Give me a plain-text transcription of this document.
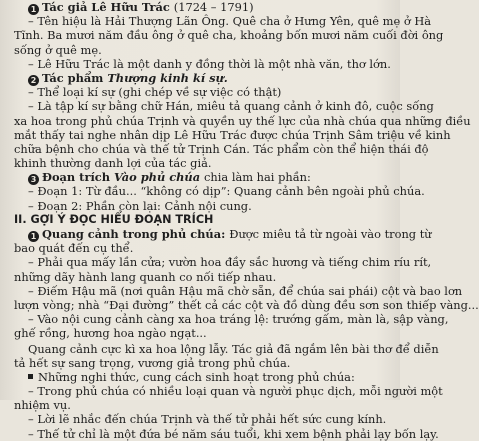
1 Tác giả Lê Hữu Trác (1724 – 1791)
– Tên hiệu là Hải Thượng Lãn Ông. Quê cha ở Hưng Yên, quê mẹ ở Hà
Tĩnh. Ba mươi năm đầu ông ở quê cha, khoảng bốn mươi năm cuối đời ông
sống ở quê mẹ.
– Lê Hữu Trác là một danh y đồng thời là một nhà văn, thơ lớn.
2 Tác phẩm Thượng kinh kí sự.
– Thể loại kí sự (ghi chép về sự việc có thật)
– Là tập kí sự bằng chữ Hán, miêu tả quang cảnh ở kinh đô, cuộc sống
xa hoa trong phủ chúa Trịnh và quyền uy thế lực của nhà chúa qua những điều
mắt thấy tai nghe nhân dịp Lê Hữu Trác được chúa Trịnh Sâm triệu về kinh
chữa bệnh cho chúa và thế tử Trịnh Cán. Tác phẩm còn thể hiện thái độ
khinh thường danh lợi của tác giả.
3 Đoạn trích Vào phủ chúa chia làm hai phần:
– Đoạn 1: Từ đầu... “không có dịp”: Quang cảnh bên ngoài phủ chúa.
– Đoạn 2: Phần còn lại: Cảnh nội cung.
II. GỢI Ý ĐỌC HIỂU ĐOẠN TRÍCH
1 Quang cảnh trong phủ chúa: Được miêu tả từ ngoài vào trong từ
bao quát đến cụ thể.
– Phải qua mấy lần cửa; vườn hoa đầy sắc hương và tiếng chim ríu rít,
những dãy hành lang quanh co nối tiếp nhau.
– Điếm Hậu mã (nơi quân Hậu mã chờ sẵn, để chúa sai phái) cột và bao lơn
lượn vòng; nhà “Đại đường” thết cả các cột và đồ dùng đều sơn son thiếp vàng...
– Vào nội cung cảnh càng xa hoa tráng lệ: trướng gấm, màn là, sập vàng,
ghế rồng, hương hoa ngào ngạt...
Quang cảnh cực kì xa hoa lộng lẫy. Tác giả đã ngắm lên bài thơ để diễn
tả hết sự sang trọng, vương giả trong phủ chúa.
Những nghi thức, cung cách sinh hoạt trong phủ chúa:
– Trong phủ chúa có nhiều loại quan và người phục dịch, mỗi người một
nhiệm vụ.
– Lời lẽ nhắc đến chúa Trịnh và thế tử phải hết sức cung kính.
– Thế tử chỉ là một đứa bé năm sáu tuổi, khi xem bệnh phải lạy bốn lạy.
